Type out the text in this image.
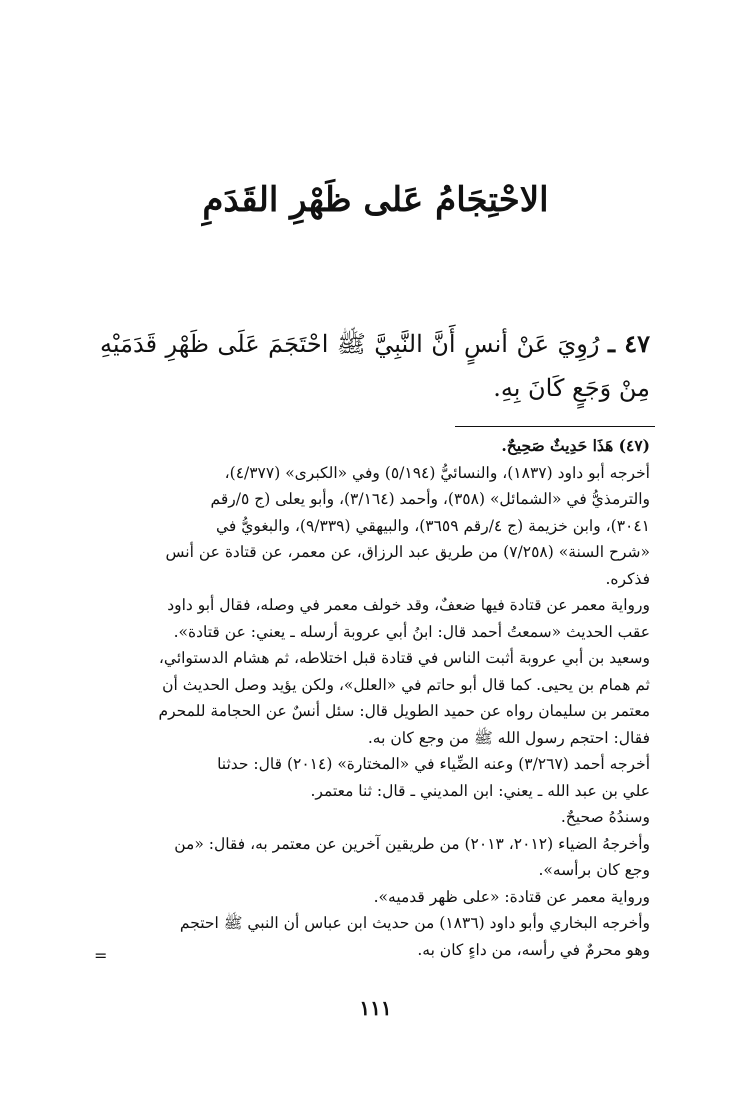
الاحْتِجَامُ عَلى ظَهْرِ القَدَمِ
٤٧ ـ رُوِيَ عَنْ أنسٍ أَنَّ النَّبِيَّ ﷺ احْتَجَمَ عَلَى ظَهْرِ قَدَمَيْهِ مِنْ وَجَعٍ كَانَ بِهِ.
(٤٧) هَذَا حَدِيثٌ صَحِيحٌ.
أخرجه أبو داود (١٨٣٧)، والنسائيُّ (٥/١٩٤) وفي «الكبرى» (٤/٣٧٧)،
والترمذيُّ في «الشمائل» (٣٥٨)، وأحمد (٣/١٦٤)، وأبو يعلى (ج ٥/رقم
٣٠٤١)، وابن خزيمة (ج ٤/رقم ٣٦٥٩)، والبيهقي (٩/٣٣٩)، والبغويُّ في
«شرح السنة» (٧/٢٥٨) من طريق عبد الرزاق، عن معمر، عن قتادة عن أنس
فذكره.
ورواية معمر عن قتادة فيها ضعفٌ، وقد خولف معمر في وصله، فقال أبو داود
عقب الحديث «سمعتُ أحمد قال: ابنُ أبي عروبة أرسله ـ يعني: عن قتادة».
وسعيد بن أبي عروبة أثبت الناس في قتادة قبل اختلاطه، ثم هشام الدستوائي،
ثم همام بن يحيى. كما قال أبو حاتم في «العلل»، ولكن يؤيد وصل الحديث أن
معتمر بن سليمان رواه عن حميد الطويل قال: سئل أنسٌ عن الحجامة للمحرم
فقال: احتجم رسول الله ﷺ من وجع كان به.
أخرجه أحمد (٣/٢٦٧) وعنه الضِّياء في «المختارة» (٢٠١٤) قال: حدثنا
علي بن عبد الله ـ يعني: ابن المديني ـ قال: ثنا معتمر.
وسندُهُ صحيحٌ.
وأخرجهُ الضياء (٢٠١٢، ٢٠١٣) من طريقين آخرين عن معتمر به، فقال: «من
وجع كان برأسه».
ورواية معمر عن قتادة: «على ظهر قدميه».
وأخرجه البخاري وأبو داود (١٨٣٦) من حديث ابن عباس أن النبي ﷺ احتجم
وهو محرمٌ في رأسه، من داءٍ كان به.
=
١١١
